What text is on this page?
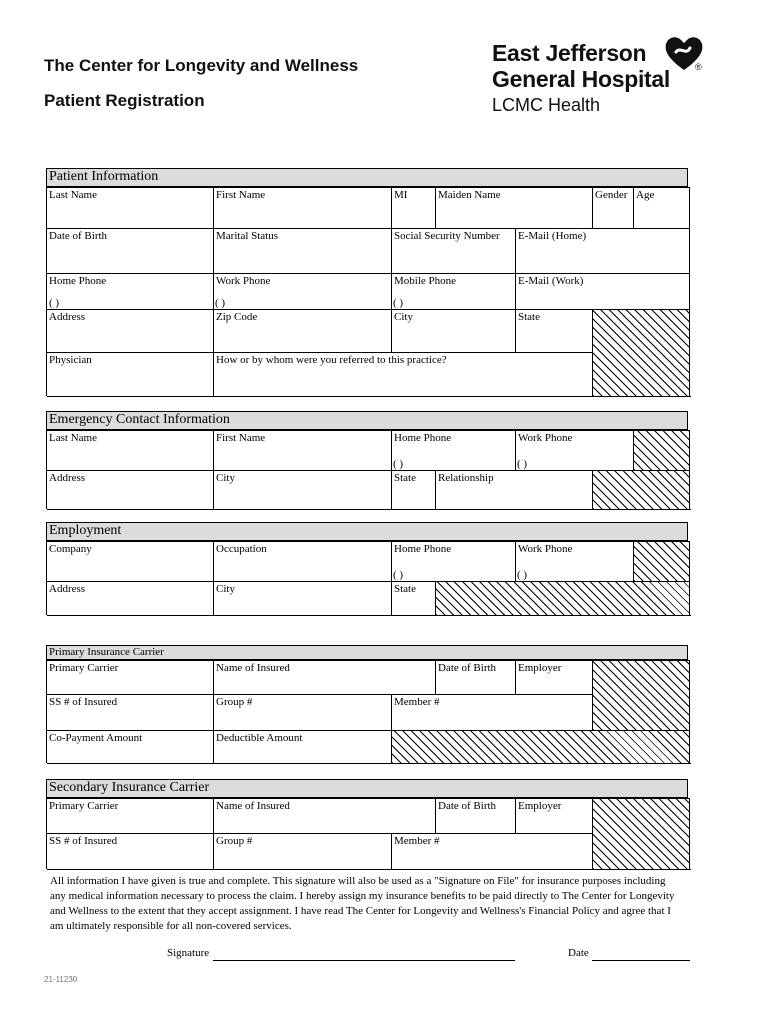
The Center for Longevity and Wellness
Patient Registration
East Jefferson
General Hospital
LCMC Health
®
Patient Information
Last Name	First Name	MI	Maiden Name	Gender Age
Date of Birth	Marital Status	Social Security Number	E-Mail (Home)
Home Phone	Work Phone	Mobile Phone	E-Mail (Work)
( )	( )	( )
Address	Zip Code	City	State
Physician	How or by whom were you referred to this practice?
Emergency Contact Information
Last Name	First Name	Home Phone	Work Phone
( )	( )
Address	City	State	Relationship
Employment
Company	Occupation	Home Phone	Work Phone
( )	( )
Address	City	State
Primary Insurance Carrier
Primary Carrier	Name of Insured	Date of Birth	Employer
SS # of Insured	Group #	Member #
Co-Payment Amount	Deductible Amount
Secondary Insurance Carrier
Primary Carrier	Name of Insured	Date of Birth	Employer
SS # of Insured	Group #	Member #
All information I have given is true and complete. This signature will also be used as a "Signature on File" for insurance purposes including any medical information necessary to process the claim. I hereby assign my insurance benefits to be paid directly to The Center for Longevity and Wellness to the extent that they accept assignment. I have read The Center for Longevity and Wellness's Financial Policy and agree that I am ultimately responsible for all non-covered services.
Signature	Date
21-11230
